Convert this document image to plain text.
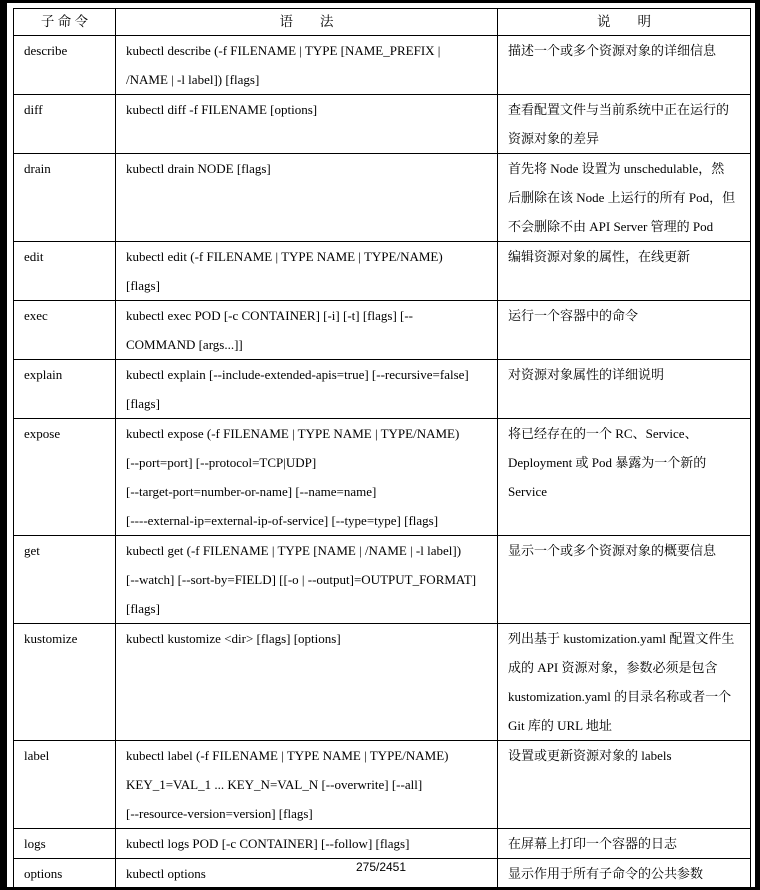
子 命 令	语　　法	说　　明
describe	kubectl describe (-f FILENAME | TYPE [NAME_PREFIX |
/NAME | -l label]) [flags]	描述一个或多个资源对象的详细信息

diff	kubectl diff -f FILENAME [options]	查看配置文件与当前系统中正在运行的
资源对象的差异

drain	kubectl drain NODE [flags]	首先将 Node 设置为 unschedulable，然
后删除在该 Node 上运行的所有 Pod，但
不会删除不由 API Server 管理的 Pod

edit	kubectl edit (-f FILENAME | TYPE NAME | TYPE/NAME)
[flags]	编辑资源对象的属性，在线更新

exec	kubectl exec POD [-c CONTAINER] [-i] [-t] [flags] [--
COMMAND [args...]]	运行一个容器中的命令

explain	kubectl explain [--include-extended-apis=true] [--recursive=false]
[flags]	对资源对象属性的详细说明

expose	kubectl expose (-f FILENAME | TYPE NAME | TYPE/NAME)
[--port=port] [--protocol=TCP|UDP]
[--target-port=number-or-name] [--name=name]
[----external-ip=external-ip-of-service] [--type=type] [flags]	将已经存在的一个 RC、Service、
Deployment 或 Pod 暴露为一个新的
Service

get	kubectl get (-f FILENAME | TYPE [NAME | /NAME | -l label])
[--watch] [--sort-by=FIELD] [[-o | --output]=OUTPUT_FORMAT]
[flags]	显示一个或多个资源对象的概要信息

kustomize	kubectl kustomize <dir> [flags] [options]	列出基于 kustomization.yaml 配置文件生
成的 API 资源对象，参数必须是包含
kustomization.yaml 的目录名称或者一个
Git 库的 URL 地址

label	kubectl label (-f FILENAME | TYPE NAME | TYPE/NAME)
KEY_1=VAL_1 ... KEY_N=VAL_N [--overwrite] [--all]
[--resource-version=version] [flags]	设置或更新资源对象的 labels

logs	kubectl logs POD [-c CONTAINER] [--follow] [flags]	在屏幕上打印一个容器的日志

options	kubectl options	显示作用于所有子命令的公共参数
275/2451
